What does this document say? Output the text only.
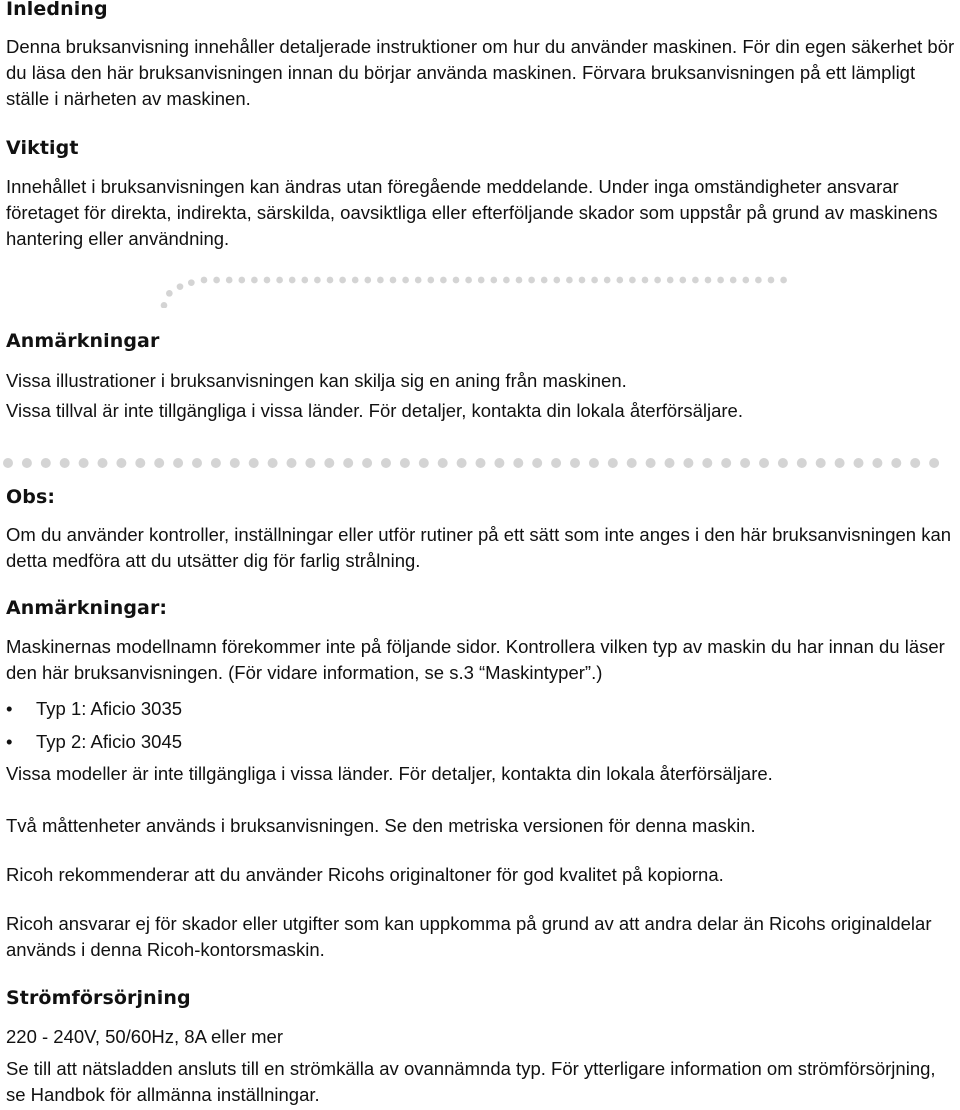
Inledning

Denna bruksanvisning innehåller detaljerade instruktioner om hur du använder maskinen. För din egen säkerhet bör du läsa den här bruksanvisningen innan du börjar använda maskinen. Förvara bruksanvisningen på ett lämpligt ställe i närheten av maskinen.

Viktigt

Innehållet i bruksanvisningen kan ändras utan föregående meddelande. Under inga omständigheter ansvarar företaget för direkta, indirekta, särskilda, oavsiktliga eller efterföljande skador som uppstår på grund av maskinens hantering eller användning.

Anmärkningar

Vissa illustrationer i bruksanvisningen kan skilja sig en aning från maskinen.

Vissa tillval är inte tillgängliga i vissa länder. För detaljer, kontakta din lokala återförsäljare.

Obs:

Om du använder kontroller, inställningar eller utför rutiner på ett sätt som inte anges i den här bruksanvisningen kan detta medföra att du utsätter dig för farlig strålning.

Anmärkningar:

Maskinernas modellnamn förekommer inte på följande sidor. Kontrollera vilken typ av maskin du har innan du läser den här bruksanvisningen. (För vidare information, se s.3 “Maskintyper”.)

•	Typ 1: Aficio 3035
•	Typ 2: Aficio 3045

Vissa modeller är inte tillgängliga i vissa länder. För detaljer, kontakta din lokala återförsäljare.

Två måttenheter används i bruksanvisningen. Se den metriska versionen för denna maskin.

Ricoh rekommenderar att du använder Ricohs originaltoner för god kvalitet på kopiorna.

Ricoh ansvarar ej för skador eller utgifter som kan uppkomma på grund av att andra delar än Ricohs originaldelar används i denna Ricoh-kontorsmaskin.

Strömförsörjning

220 - 240V, 50/60Hz, 8A eller mer

Se till att nätsladden ansluts till en strömkälla av ovannämnda typ. För ytterligare information om strömförsörjning, se Handbok för allmänna inställningar.
